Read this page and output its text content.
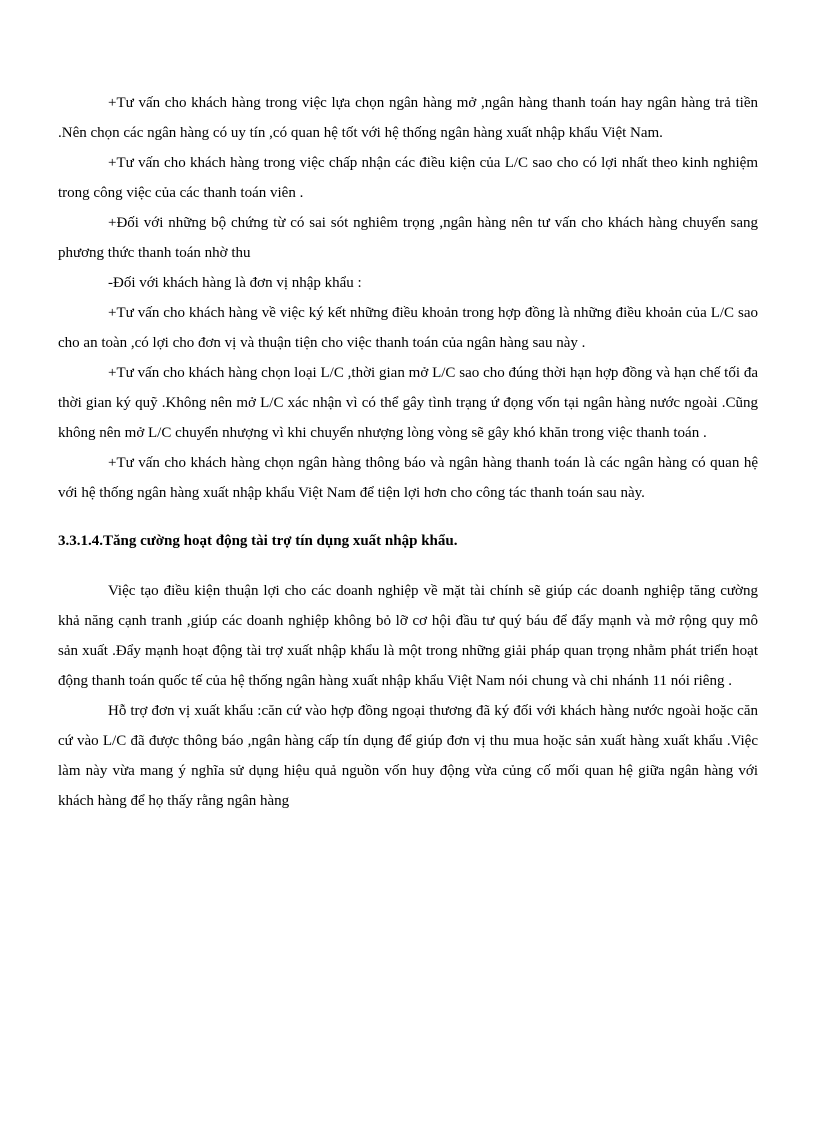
+Tư vấn cho khách hàng trong việc lựa chọn ngân hàng mở ,ngân hàng thanh toán hay ngân hàng trả tiền .Nên chọn các ngân hàng có uy tín ,có quan hệ tốt với hệ thống ngân hàng xuất nhập khẩu Việt Nam.

+Tư vấn cho khách hàng trong việc chấp nhận các điều kiện của L/C sao cho có lợi nhất theo kinh nghiệm trong công việc của các thanh toán viên .

+Đối với những bộ chứng từ có sai sót nghiêm trọng ,ngân hàng nên tư vấn cho khách hàng chuyển sang phương thức thanh toán nhờ thu

-Đối với khách hàng là đơn vị nhập khẩu :

+Tư vấn cho khách hàng về việc ký kết những điều khoản trong hợp đồng là những điều khoản của L/C sao cho an toàn ,có lợi cho đơn vị và thuận tiện cho việc thanh toán của ngân hàng sau này .

+Tư vấn cho khách hàng chọn loại L/C ,thời gian mở L/C sao cho đúng thời hạn hợp đồng và hạn chế tối đa thời gian ký quỹ .Không nên mở L/C xác nhận vì có thể gây tình trạng ứ đọng vốn tại ngân hàng nước ngoài .Cũng không nên mở L/C chuyển nhượng vì khi chuyển nhượng lòng vòng sẽ gây khó khăn trong việc thanh toán .

+Tư vấn cho khách hàng chọn ngân hàng thông báo và ngân hàng thanh toán là các ngân hàng có quan hệ với hệ thống ngân hàng xuất nhập khẩu Việt Nam để tiện lợi hơn cho công tác thanh toán sau này.

3.3.1.4.Tăng cường hoạt động tài trợ tín dụng xuất nhập khẩu.

Việc tạo điều kiện thuận lợi cho các doanh nghiệp về mặt tài chính sẽ giúp các doanh nghiệp tăng cường khả năng cạnh tranh ,giúp các doanh nghiệp không bỏ lỡ cơ hội đầu tư quý báu để đẩy mạnh và mở rộng quy mô sản xuất .Đẩy mạnh hoạt động tài trợ xuất nhập khẩu là một trong những giải pháp quan trọng nhằm phát triển hoạt động thanh toán quốc tế của hệ thống ngân hàng xuất nhập khẩu Việt Nam nói chung và chi nhánh 11 nói riêng .

Hỗ trợ đơn vị xuất khẩu :căn cứ vào hợp đồng ngoại thương đã ký đối với khách hàng nước ngoài hoặc căn cứ vào L/C đã được thông báo ,ngân hàng cấp tín dụng để giúp đơn vị thu mua hoặc sản xuất hàng xuất khẩu .Việc làm này vừa mang ý nghĩa sử dụng hiệu quả nguồn vốn huy động vừa củng cố mối quan hệ giữa ngân hàng với khách hàng để họ thấy rằng ngân hàng
